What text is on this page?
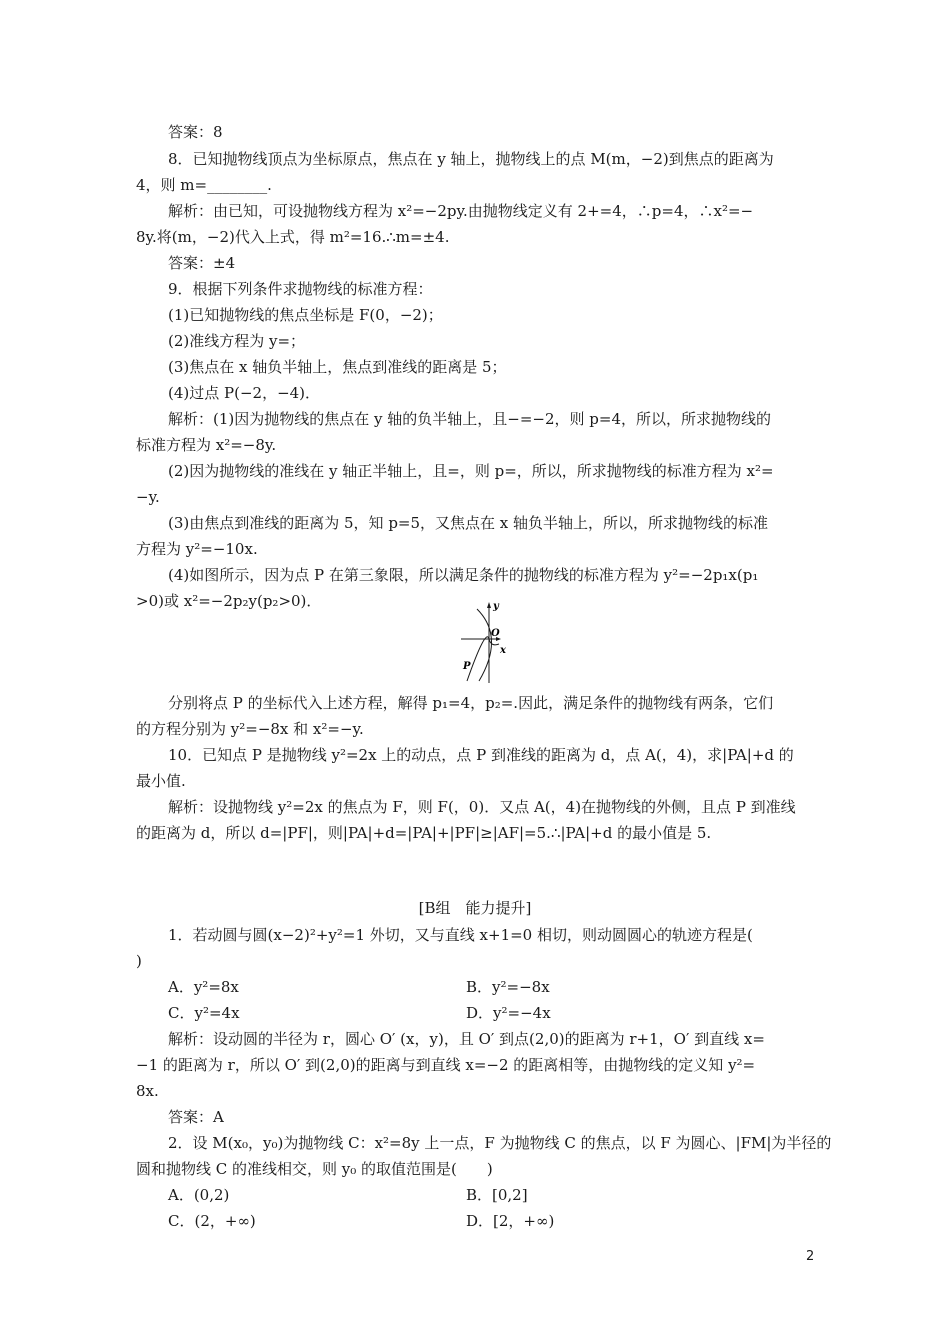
答案：8
8．已知抛物线顶点为坐标原点，焦点在 y 轴上，抛物线上的点 M(m，−2)到焦点的距离为
4，则 m=________.
解析：由已知，可设抛物线方程为 x²=−2py.由抛物线定义有 2+=4，∴p=4，∴x²=−
8y.将(m，−2)代入上式，得 m²=16.∴m=±4.
答案：±4
9．根据下列条件求抛物线的标准方程：
(1)已知抛物线的焦点坐标是 F(0，−2)；
(2)准线方程为 y=；
(3)焦点在 x 轴负半轴上，焦点到准线的距离是 5；
(4)过点 P(−2，−4)．
解析：(1)因为抛物线的焦点在 y 轴的负半轴上，且−=−2，则 p=4，所以，所求抛物线的
标准方程为 x²=−8y.
(2)因为抛物线的准线在 y 轴正半轴上，且=，则 p=，所以，所求抛物线的标准方程为 x²=
−y.
(3)由焦点到准线的距离为 5，知 p=5，又焦点在 x 轴负半轴上，所以，所求抛物线的标准
方程为 y²=−10x.
(4)如图所示，因为点 P 在第三象限，所以满足条件的抛物线的标准方程为 y²=−2p₁x(p₁
>0)或 x²=−2p₂y(p₂>0)．	y
x
O
P
分别将点 P 的坐标代入上述方程，解得 p₁=4，p₂=.因此，满足条件的抛物线有两条，它们
的方程分别为 y²=−8x 和 x²=−y.
10．已知点 P 是抛物线 y²=2x 上的动点，点 P 到准线的距离为 d，点 A(，4)，求|PA|+d 的
最小值.
解析：设抛物线 y²=2x 的焦点为 F，则 F(，0)．又点 A(，4)在抛物线的外侧，且点 P 到准线
的距离为 d，所以 d=|PF|，则|PA|+d=|PA|+|PF|≥|AF|=5.∴|PA|+d 的最小值是 5.
[B组　能力提升]
1．若动圆与圆(x−2)²+y²=1 外切，又与直线 x+1=0 相切，则动圆圆心的轨迹方程是(
)
A．y²=8x	B．y²=−8x
C．y²=4x	D．y²=−4x
解析：设动圆的半径为 r，圆心 O′ (x，y)，且 O′ 到点(2,0)的距离为 r+1，O′ 到直线 x=
−1 的距离为 r，所以 O′ 到(2,0)的距离与到直线 x=−2 的距离相等，由抛物线的定义知 y²=
8x.
答案：A
2．设 M(x₀，y₀)为抛物线 C：x²=8y 上一点，F 为抛物线 C 的焦点，以 F 为圆心、|FM|为半径的
圆和抛物线 C 的准线相交，则 y₀ 的取值范围是(　　)
A．(0,2)	B．[0,2]
C．(2，+∞)	D．[2，+∞)
2
